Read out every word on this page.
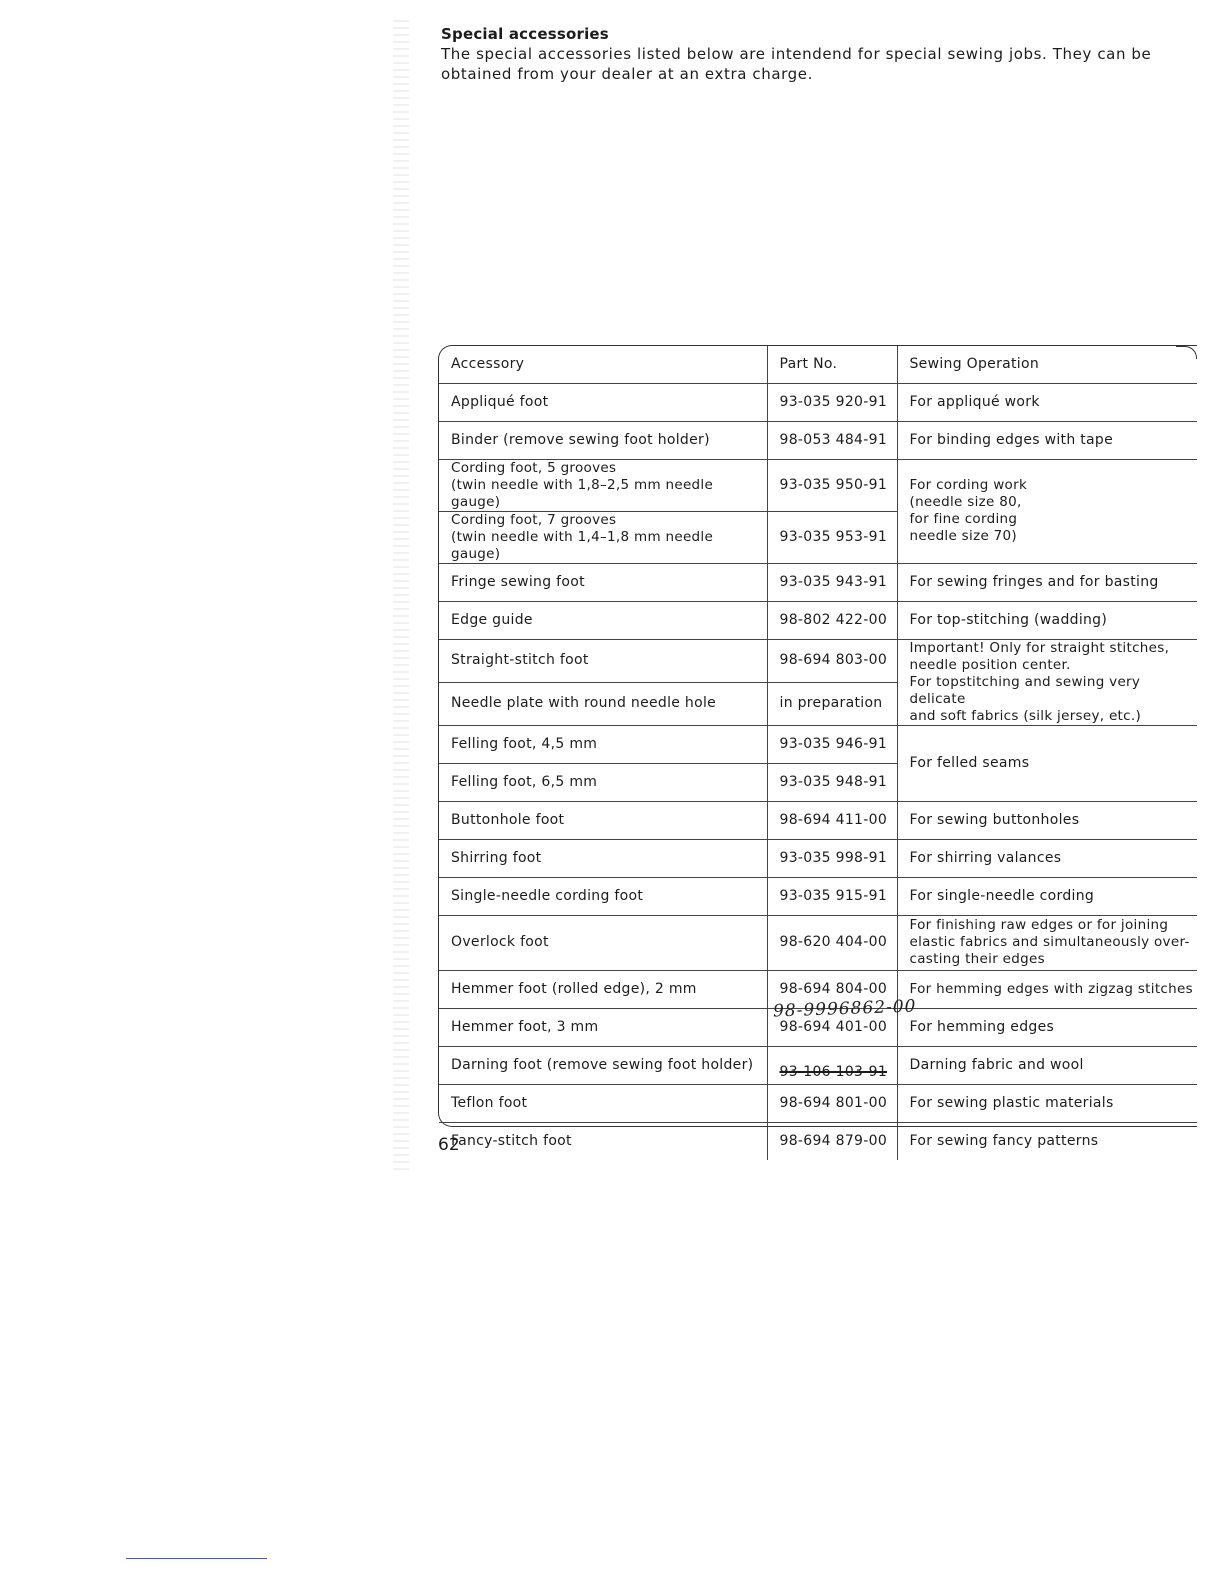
Special accessories
The special accessories listed below are intendend for special sewing jobs. They can be obtained from your dealer at an extra charge.
Accessory	Part No.	Sewing Operation
Appliqué foot	93-035 920-91	For appliqué work
Binder (remove sewing foot holder)	98-053 484-91	For binding edges with tape
Cording foot, 5 grooves
(twin needle with 1,8–2,5 mm needle gauge)	93-035 950-91	For cording work
(needle size 80,
for fine cording
needle size 70)
Cording foot, 7 grooves
(twin needle with 1,4–1,8 mm needle gauge)	93-035 953-91	
Fringe sewing foot	93-035 943-91	For sewing fringes and for basting
Edge guide	98-802 422-00	For top-stitching (wadding)
Straight-stitch foot	98-694 803-00	Important! Only for straight stitches,
needle position center.
For topstitching and sewing very delicate
and soft fabrics (silk jersey, etc.)
Needle plate with round needle hole	in preparation	
Felling foot, 4,5 mm	93-035 946-91	For felled seams
Felling foot, 6,5 mm	93-035 948-91	
Buttonhole foot	98-694 411-00	For sewing buttonholes
Shirring foot	93-035 998-91	For shirring valances
Single-needle cording foot	93-035 915-91	For single-needle cording
Overlock foot	98-620 404-00	For finishing raw edges or for joining
elastic fabrics and simultaneously over-
casting their edges
Hemmer foot (rolled edge), 2 mm	98-694 804-00	For hemming edges with zigzag stitches
Hemmer foot, 3 mm	98-694 401-00	For hemming edges
Darning foot (remove sewing foot holder)	93-106 103-91	Darning fabric and wool
Teflon foot	98-694 801-00	For sewing plastic materials
Fancy-stitch foot	98-694 879-00	For sewing fancy patterns
98-9996862-00
62
